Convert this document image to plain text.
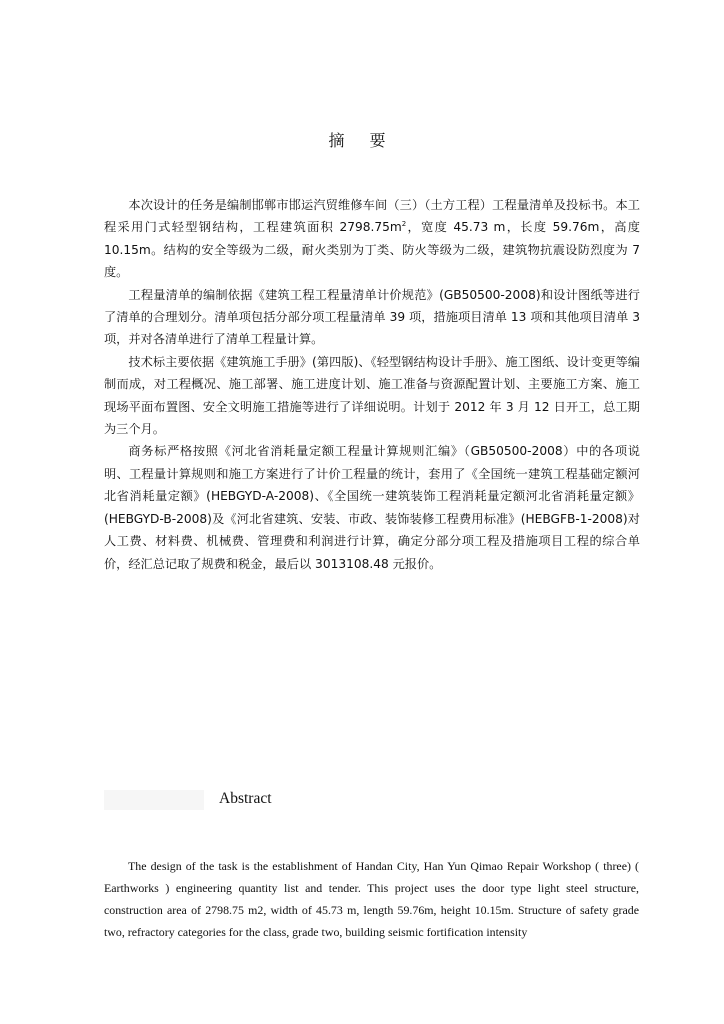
摘 要

本次设计的任务是编制邯郸市邯运汽贸维修车间（三）（土方工程）工程量清单及投标书。本工程采用门式轻型钢结构，工程建筑面积 $2798.75m^2$，宽度 45.73 m，长度 59.76m，高度 10.15m。结构的安全等级为二级，耐火类别为丁类、防火等级为二级，建筑物抗震设防烈度为 7 度。

工程量清单的编制依据《建筑工程工程量清单计价规范》(GB50500-2008)和设计图纸等进行了清单的合理划分。清单项包括分部分项工程量清单 39 项，措施项目清单 13 项和其他项目清单 3 项，并对各清单进行了清单工程量计算。

技术标主要依据《建筑施工手册》(第四版)、《轻型钢结构设计手册》、施工图纸、设计变更等编制而成，对工程概况、施工部署、施工进度计划、施工准备与资源配置计划、主要施工方案、施工现场平面布置图、安全文明施工措施等进行了详细说明。计划于 2012 年 3 月 12 日开工，总工期为三个月。

商务标严格按照《河北省消耗量定额工程量计算规则汇编》（GB50500-2008）中的各项说明、工程量计算规则和施工方案进行了计价工程量的统计，套用了《全国统一建筑工程基础定额河北省消耗量定额》(HEBGYD-A-2008)、《全国统一建筑装饰工程消耗量定额河北省消耗量定额》(HEBGYD-B-2008)及《河北省建筑、安装、市政、装饰装修工程费用标准》(HEBGFB-1-2008)对人工费、材料费、机械费、管理费和利润进行计算，确定分部分项工程及措施项目工程的综合单价，经汇总记取了规费和税金，最后以 3013108.48 元报价。

Abstract

The design of the task is the establishment of Handan City, Han Yun Qimao Repair Workshop ( three) ( Earthworks ) engineering quantity list and tender. This project uses the door type light steel structure, construction area of 2798.75 m2, width of 45.73 m, length 59.76m, height 10.15m. Structure of safety grade two, refractory categories for the class, grade two, building seismic fortification intensity
